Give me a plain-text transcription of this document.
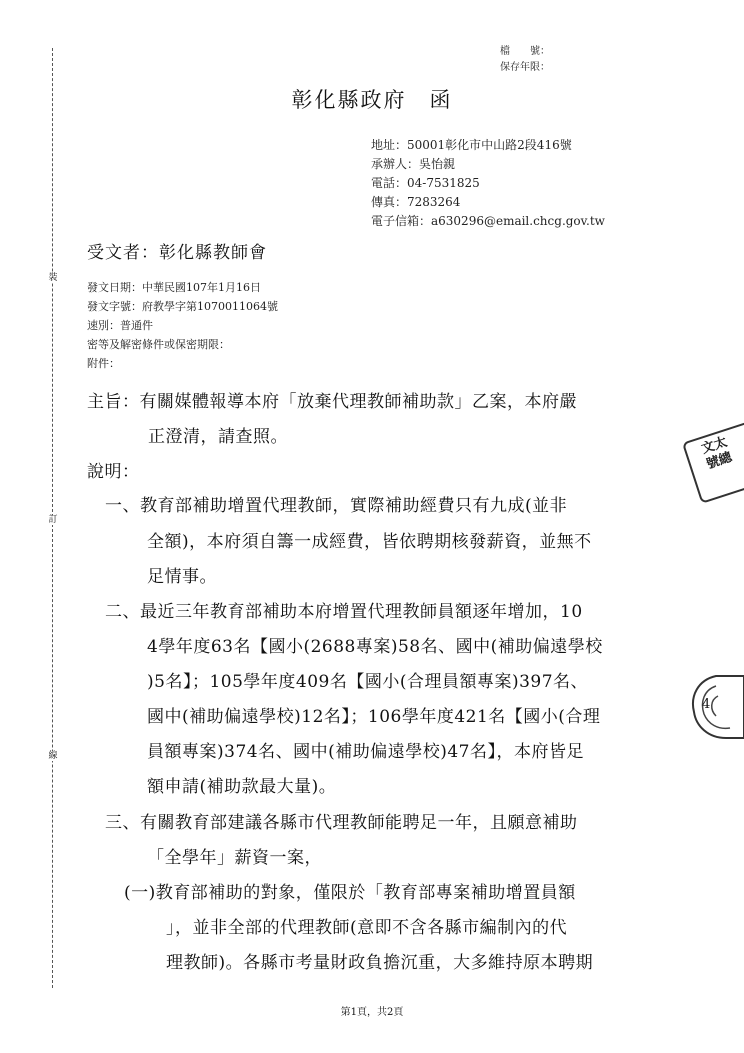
裝
訂
線
檔　　號：
保存年限：
彰化縣政府　函
地址：50001彰化市中山路2段416號
承辦人：吳怡親
電話：04-7531825
傳真：7283264
電子信箱：a630296@email.chcg.gov.tw
受文者：彰化縣教師會
發文日期：中華民國107年1月16日
發文字號：府教學字第1070011064號
速別：普通件
密等及解密條件或保密期限：
附件：
主旨：有關媒體報導本府「放棄代理教師補助款」乙案，本府嚴
正澄清，請查照。
說明：
一、教育部補助增置代理教師，實際補助經費只有九成(並非
全額)，本府須自籌一成經費，皆依聘期核發薪資，並無不
足情事。
二、最近三年教育部補助本府增置代理教師員額逐年增加，10
4學年度63名【國小(2688專案)58名、國中(補助偏遠學校
)5名】；105學年度409名【國小(合理員額專案)397名、
國中(補助偏遠學校)12名】；106學年度421名【國小(合理
員額專案)374名、國中(補助偏遠學校)47名】，本府皆足
額申請(補助款最大量)。
三、有關教育部建議各縣市代理教師能聘足一年，且願意補助
「全學年」薪資一案，
(一)教育部補助的對象，僅限於「教育部專案補助增置員額
」，並非全部的代理教師(意即不含各縣市編制內的代
理教師)。各縣市考量財政負擔沉重，大多維持原本聘期
文太
號總
4
第1頁，共2頁
